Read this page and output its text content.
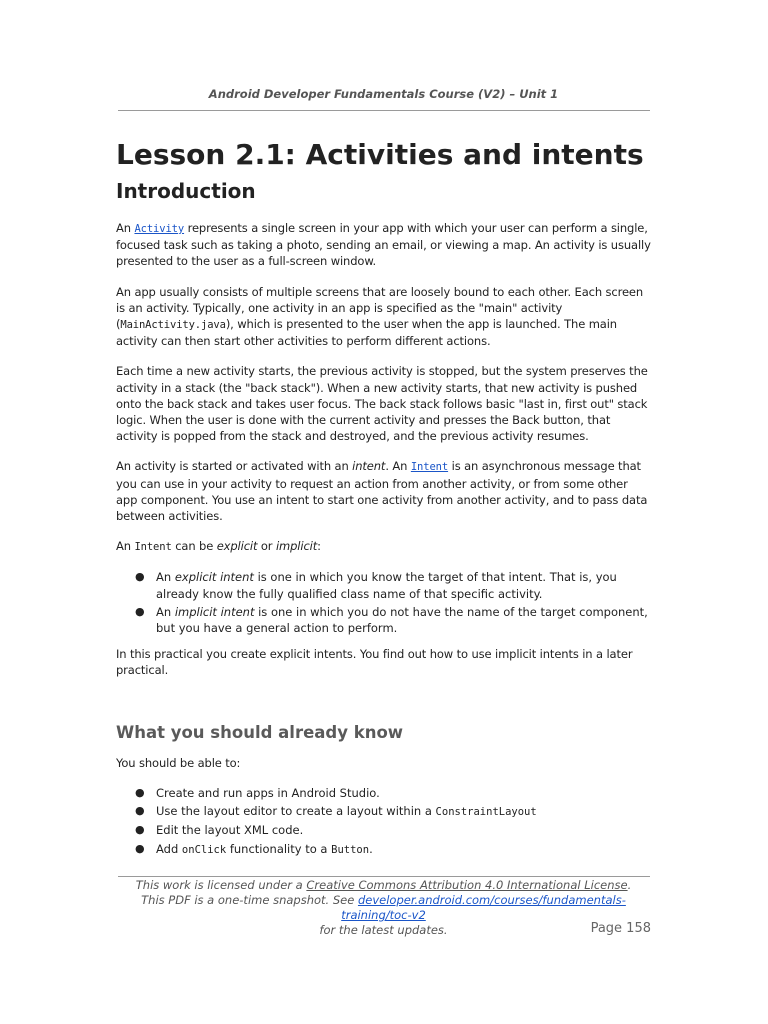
Android Developer Fundamentals Course (V2) – Unit 1
Lesson 2.1: Activities and intents
Introduction

An Activity represents a single screen in your app with which your user can perform a single, focused task such as taking a photo, sending an email, or viewing a map. An activity is usually presented to the user as a full-screen window.

An app usually consists of multiple screens that are loosely bound to each other. Each screen is an activity. Typically, one activity in an app is specified as the "main" activity (MainActivity.java), which is presented to the user when the app is launched. The main activity can then start other activities to perform different actions.

Each time a new activity starts, the previous activity is stopped, but the system preserves the activity in a stack (the "back stack"). When a new activity starts, that new activity is pushed onto the back stack and takes user focus. The back stack follows basic "last in, first out" stack logic. When the user is done with the current activity and presses the Back button, that activity is popped from the stack and destroyed, and the previous activity resumes.

An activity is started or activated with an intent. An Intent is an asynchronous message that you can use in your activity to request an action from another activity, or from some other app component. You use an intent to start one activity from another activity, and to pass data between activities.

An Intent can be explicit or implicit:

● An explicit intent is one in which you know the target of that intent. That is, you already know the fully qualified class name of that specific activity.
● An implicit intent is one in which you do not have the name of the target component, but you have a general action to perform.

In this practical you create explicit intents. You find out how to use implicit intents in a later practical.

What you should already know

You should be able to:

● Create and run apps in Android Studio.
● Use the layout editor to create a layout within a ConstraintLayout
● Edit the layout XML code.
● Add onClick functionality to a Button.
This work is licensed under a Creative Commons Attribution 4.0 International License.
This PDF is a one-time snapshot. See developer.android.com/courses/fundamentals-training/toc-v2
for the latest updates.	Page 158
